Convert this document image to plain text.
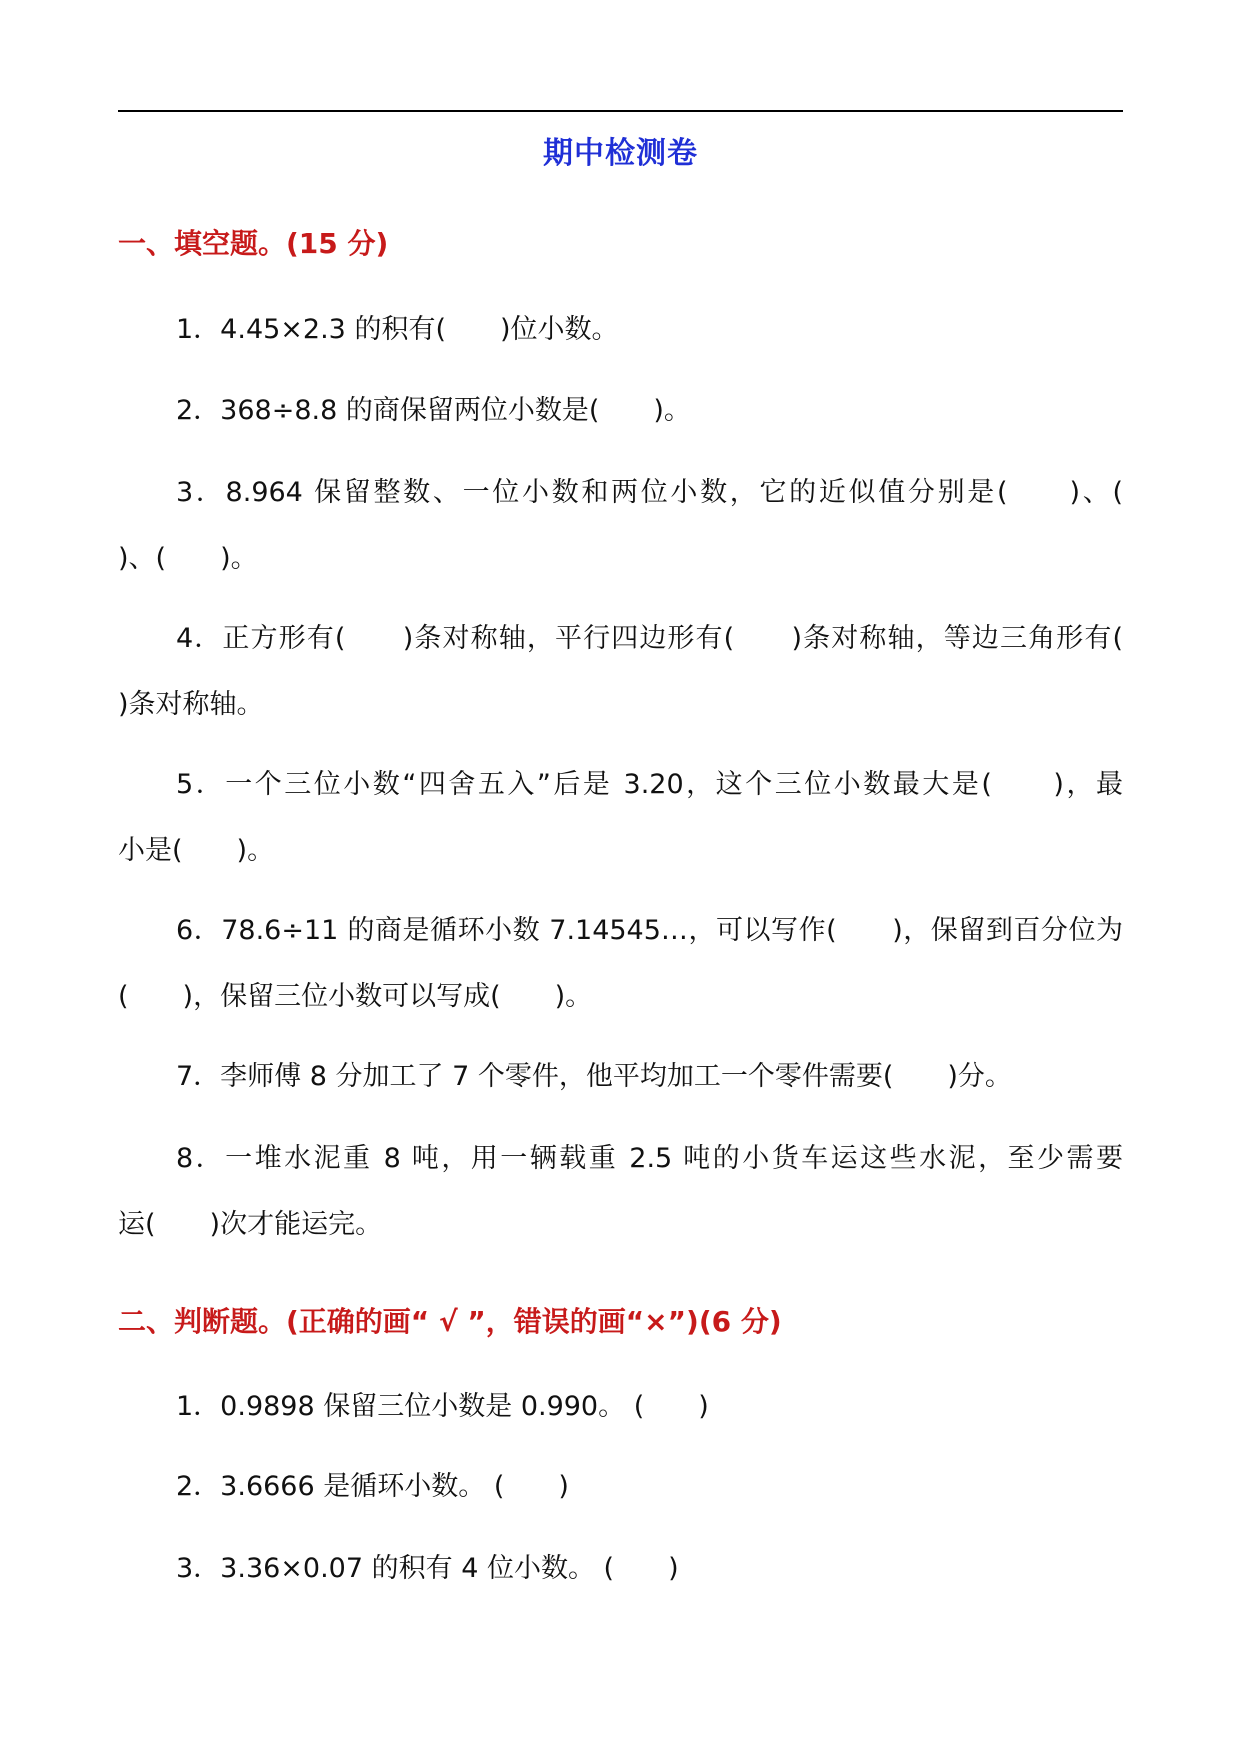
期中检测卷
一、填空题。(15 分)
1．4.45×2.3 的积有(　　)位小数。
2．368÷8.8 的商保留两位小数是(　　)。
3．8.964 保留整数、一位小数和两位小数，它的近似值分别是(　　)、(
)、(　　)。
4．正方形有(　　)条对称轴，平行四边形有(　　)条对称轴，等边三角形有(
)条对称轴。
5．一个三位小数“四舍五入”后是 3.20，这个三位小数最大是(　　)，最
小是(　　)。
6．78.6÷11 的商是循环小数 7.14545…，可以写作(　　)，保留到百分位为
(　　)，保留三位小数可以写成(　　)。
7．李师傅 8 分加工了 7 个零件，他平均加工一个零件需要(　　)分。
8．一堆水泥重 8 吨，用一辆载重 2.5 吨的小货车运这些水泥，至少需要
运(　　)次才能运完。
二、判断题。(正确的画“ √ ”，错误的画“×”)(6 分)
1．0.9898 保留三位小数是 0.990。 (　　)
2．3.6666 是循环小数。 (　　)
3．3.36×0.07 的积有 4 位小数。 (　　)
